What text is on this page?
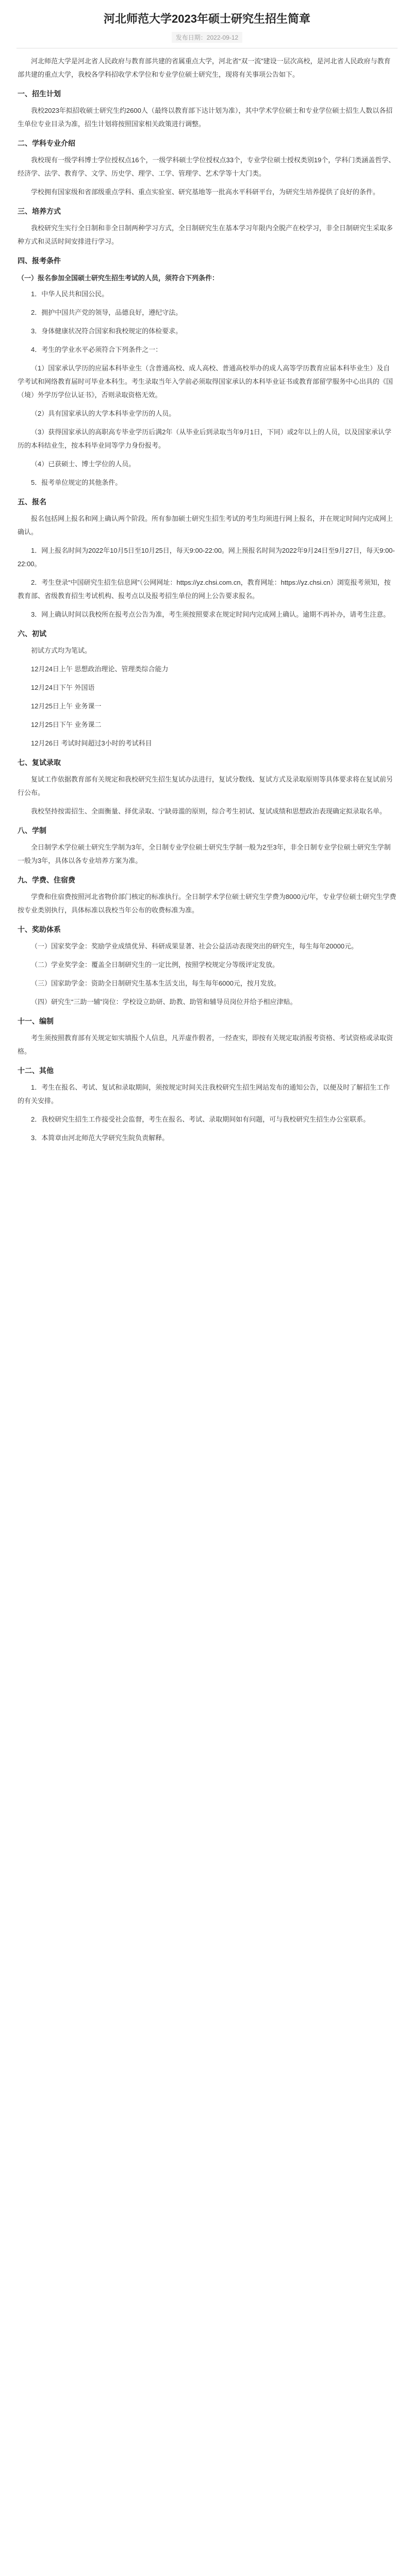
河北师范大学2023年硕士研究生招生简章
发布日期：2022-09-12

河北师范大学是河北省人民政府与教育部共建的省属重点大学，河北省“双一流”建设一层次高校，是河北省人民政府与教育部共建的重点大学，我校各学科招收学术学位和专业学位硕士研究生，现将有关事项公告如下。

一、招生计划

我校2023年拟招收硕士研究生约2600人（最终以教育部下达计划为准），其中学术学位硕士和专业学位硕士招生人数以各招生单位专业目录为准，招生计划将按照国家相关政策进行调整。

二、学科专业介绍

我校现有一级学科博士学位授权点16个，一级学科硕士学位授权点33个，专业学位硕士授权类别19个，学科门类涵盖哲学、经济学、法学、教育学、文学、历史学、理学、工学、管理学、艺术学等十大门类。

学校拥有国家级和省部级重点学科、重点实验室、研究基地等一批高水平科研平台，为研究生培养提供了良好的条件。

三、培养方式

我校研究生实行全日制和非全日制两种学习方式，全日制研究生在基本学习年限内全脱产在校学习，非全日制研究生采取多种方式和灵活时间安排进行学习。

四、报考条件
（一）报名参加全国硕士研究生招生考试的人员，须符合下列条件：

1．中华人民共和国公民。

2．拥护中国共产党的领导，品德良好，遵纪守法。

3．身体健康状况符合国家和我校规定的体检要求。

4．考生的学业水平必须符合下列条件之一：

（1）国家承认学历的应届本科毕业生（含普通高校、成人高校、普通高校举办的成人高等学历教育应届本科毕业生）及自学考试和网络教育届时可毕业本科生。考生录取当年入学前必须取得国家承认的本科毕业证书或教育部留学服务中心出具的《国（境）外学历学位认证书》，否则录取资格无效。

（2）具有国家承认的大学本科毕业学历的人员。

（3）获得国家承认的高职高专毕业学历后满2年（从毕业后到录取当年9月1日，下同）或2年以上的人员，以及国家承认学历的本科结业生，按本科毕业同等学力身份报考。

（4）已获硕士、博士学位的人员。

5．报考单位规定的其他条件。

五、报名

报名包括网上报名和网上确认两个阶段。所有参加硕士研究生招生考试的考生均须进行网上报名，并在规定时间内完成网上确认。

1．网上报名时间为2022年10月5日至10月25日，每天9:00-22:00。网上预报名时间为2022年9月24日至9月27日，每天9:00-22:00。

2．考生登录“中国研究生招生信息网”（公网网址：https://yz.chsi.com.cn，教育网址：https://yz.chsi.cn）浏览报考须知，按教育部、省级教育招生考试机构、报考点以及报考招生单位的网上公告要求报名。

3．网上确认时间以我校所在报考点公告为准，考生须按照要求在规定时间内完成网上确认。逾期不再补办，请考生注意。

六、初试

初试方式均为笔试。

12月24日上午 思想政治理论、管理类综合能力

12月24日下午 外国语

12月25日上午 业务课一

12月25日下午 业务课二

12月26日 考试时间超过3小时的考试科目

七、复试录取

复试工作依据教育部有关规定和我校研究生招生复试办法进行，复试分数线、复试方式及录取原则等具体要求将在复试前另行公布。

我校坚持按需招生、全面衡量、择优录取、宁缺毋滥的原则，综合考生初试、复试成绩和思想政治表现确定拟录取名单。

八、学制

全日制学术学位硕士研究生学制为3年，全日制专业学位硕士研究生学制一般为2至3年，非全日制专业学位硕士研究生学制一般为3年，具体以各专业培养方案为准。

九、学费、住宿费

学费和住宿费按照河北省物价部门核定的标准执行。全日制学术学位硕士研究生学费为8000元/年，专业学位硕士研究生学费按专业类别执行，具体标准以我校当年公布的收费标准为准。

十、奖助体系

（一）国家奖学金：奖励学业成绩优异、科研成果显著、社会公益活动表现突出的研究生，每生每年20000元。

（二）学业奖学金：覆盖全日制研究生的一定比例，按照学校规定分等级评定发放。

（三）国家助学金：资助全日制研究生基本生活支出，每生每年6000元，按月发放。

（四）研究生“三助一辅”岗位：学校设立助研、助教、助管和辅导员岗位并给予相应津贴。

十一、编制

考生须按照教育部有关规定如实填报个人信息，凡弄虚作假者，一经查实，即按有关规定取消报考资格、考试资格或录取资格。

十二、其他

1．考生在报名、考试、复试和录取期间，须按规定时间关注我校研究生招生网站发布的通知公告，以便及时了解招生工作的有关安排。

2．我校研究生招生工作接受社会监督，考生在报名、考试、录取期间如有问题，可与我校研究生招生办公室联系。

3．本简章由河北师范大学研究生院负责解释。
